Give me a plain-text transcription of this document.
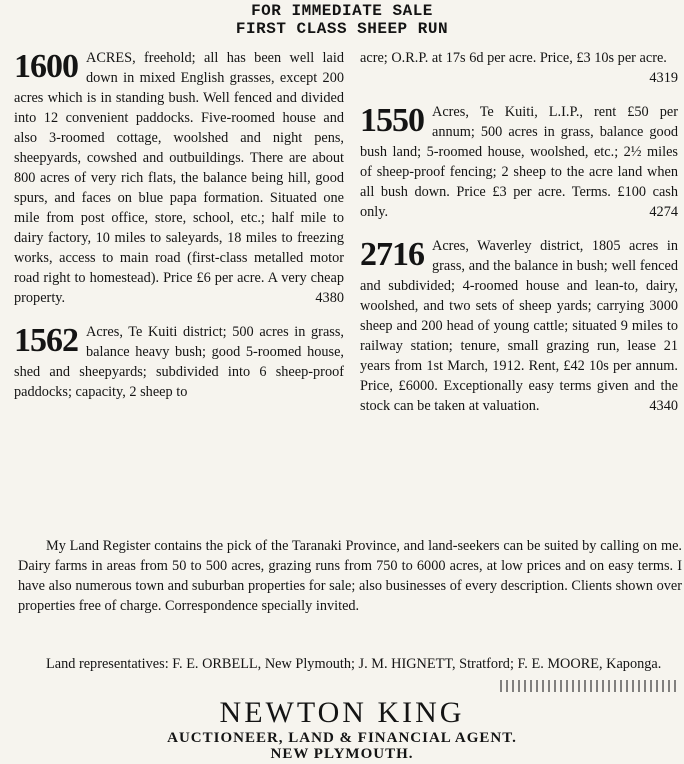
FOR IMMEDIATE SALE
FIRST CLASS SHEEP RUN
1600 ACRES, freehold; all has been well laid down in mixed English grasses, except 200 acres which is in standing bush. Well fenced and divided into 12 convenient paddocks. Five-roomed house and also 3-roomed cottage, woolshed and night pens, sheepyards, cowshed and outbuildings. There are about 800 acres of very rich flats, the balance being hill, good spurs, and faces on blue papa formation. Situated one mile from post office, store, school, etc.; half mile to dairy factory, 10 miles to saleyards, 18 miles to freezing works, access to main road (first-class metalled motor road right to homestead). Price £6 per acre. A very cheap property.	4380
1562 Acres, Te Kuiti district; 500 acres in grass, balance heavy bush; good 5-roomed house, shed and sheepyards; subdivided into 6 sheep-proof paddocks; capacity, 2 sheep to
acre; O.R.P. at 17s 6d per acre. Price, £3 10s per acre.
4319
1550 Acres, Te Kuiti, L.I.P., rent £50 per annum; 500 acres in grass, balance good bush land; 5-roomed house, woolshed, etc.; 2½ miles of sheep-proof fencing; 2 sheep to the acre land when all bush down. Price £3 per acre. Terms. £100 cash only.	4274
2716 Acres, Waverley district, 1805 acres in grass, and the balance in bush; well fenced and subdivided; 4-roomed house and lean-to, dairy, woolshed, and two sets of sheep yards; carrying 3000 sheep and 200 head of young cattle; situated 9 miles to railway station; tenure, small grazing run, lease 21 years from 1st March, 1912. Rent, £42 10s per annum. Price, £6000. Exceptionally easy terms given and the stock can be taken at valuation.	4340

My Land Register contains the pick of the Taranaki Province, and land-seekers can be suited by calling on me. Dairy farms in areas from 50 to 500 acres, grazing runs from 750 to 6000 acres, at low prices and on easy terms. I have also numerous town and suburban properties for sale; also businesses of every description. Clients shown over properties free of charge. Correspondence specially invited.

Land representatives: F. E. ORBELL, New Plymouth; J. M. HIGNETT, Stratford; F. E. MOORE, Kaponga.

NEWTON KING
AUCTIONEER, LAND & FINANCIAL AGENT.
NEW PLYMOUTH.
